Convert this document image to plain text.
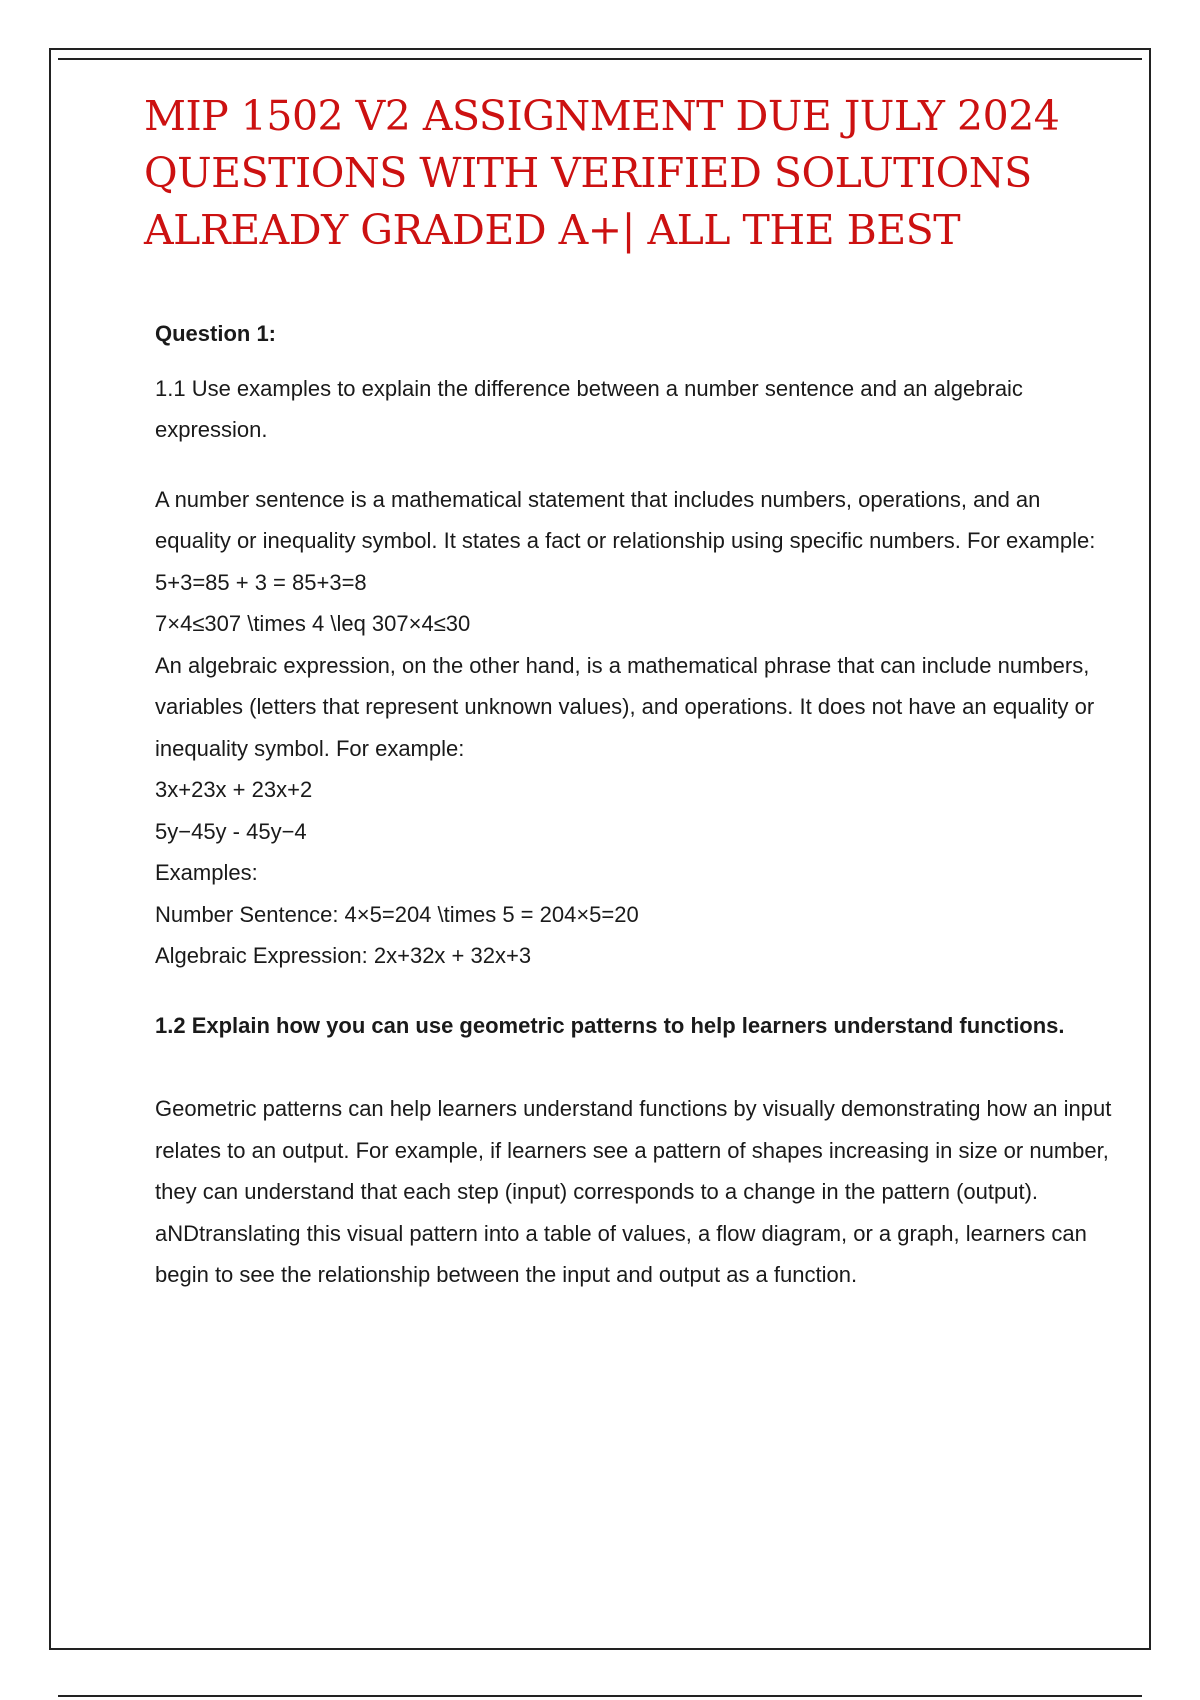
MIP 1502 V2 ASSIGNMENT DUE JULY 2024
QUESTIONS WITH VERIFIED SOLUTIONS
ALREADY GRADED A+| ALL THE BEST

Question 1:

1.1 Use examples to explain the difference between a number sentence and an algebraic expression.

A number sentence is a mathematical statement that includes numbers, operations, and an equality or inequality symbol. It states a fact or relationship using specific numbers. For example:

5+3=85 + 3 = 85+3=8

7×4≤307 \times 4 \leq 307×4≤30

An algebraic expression, on the other hand, is a mathematical phrase that can include numbers, variables (letters that represent unknown values), and operations. It does not have an equality or inequality symbol. For example:

3x+23x + 23x+2

5y−45y - 45y−4

Examples:

Number Sentence: 4×5=204 \times 5 = 204×5=20

Algebraic Expression: 2x+32x + 32x+3

1.2 Explain how you can use geometric patterns to help learners understand functions.

Geometric patterns can help learners understand functions by visually demonstrating how an input relates to an output. For example, if learners see a pattern of shapes increasing in size or number, they can understand that each step (input) corresponds to a change in the pattern (output). aNDtranslating this visual pattern into a table of values, a flow diagram, or a graph, learners can begin to see the relationship between the input and output as a function.
